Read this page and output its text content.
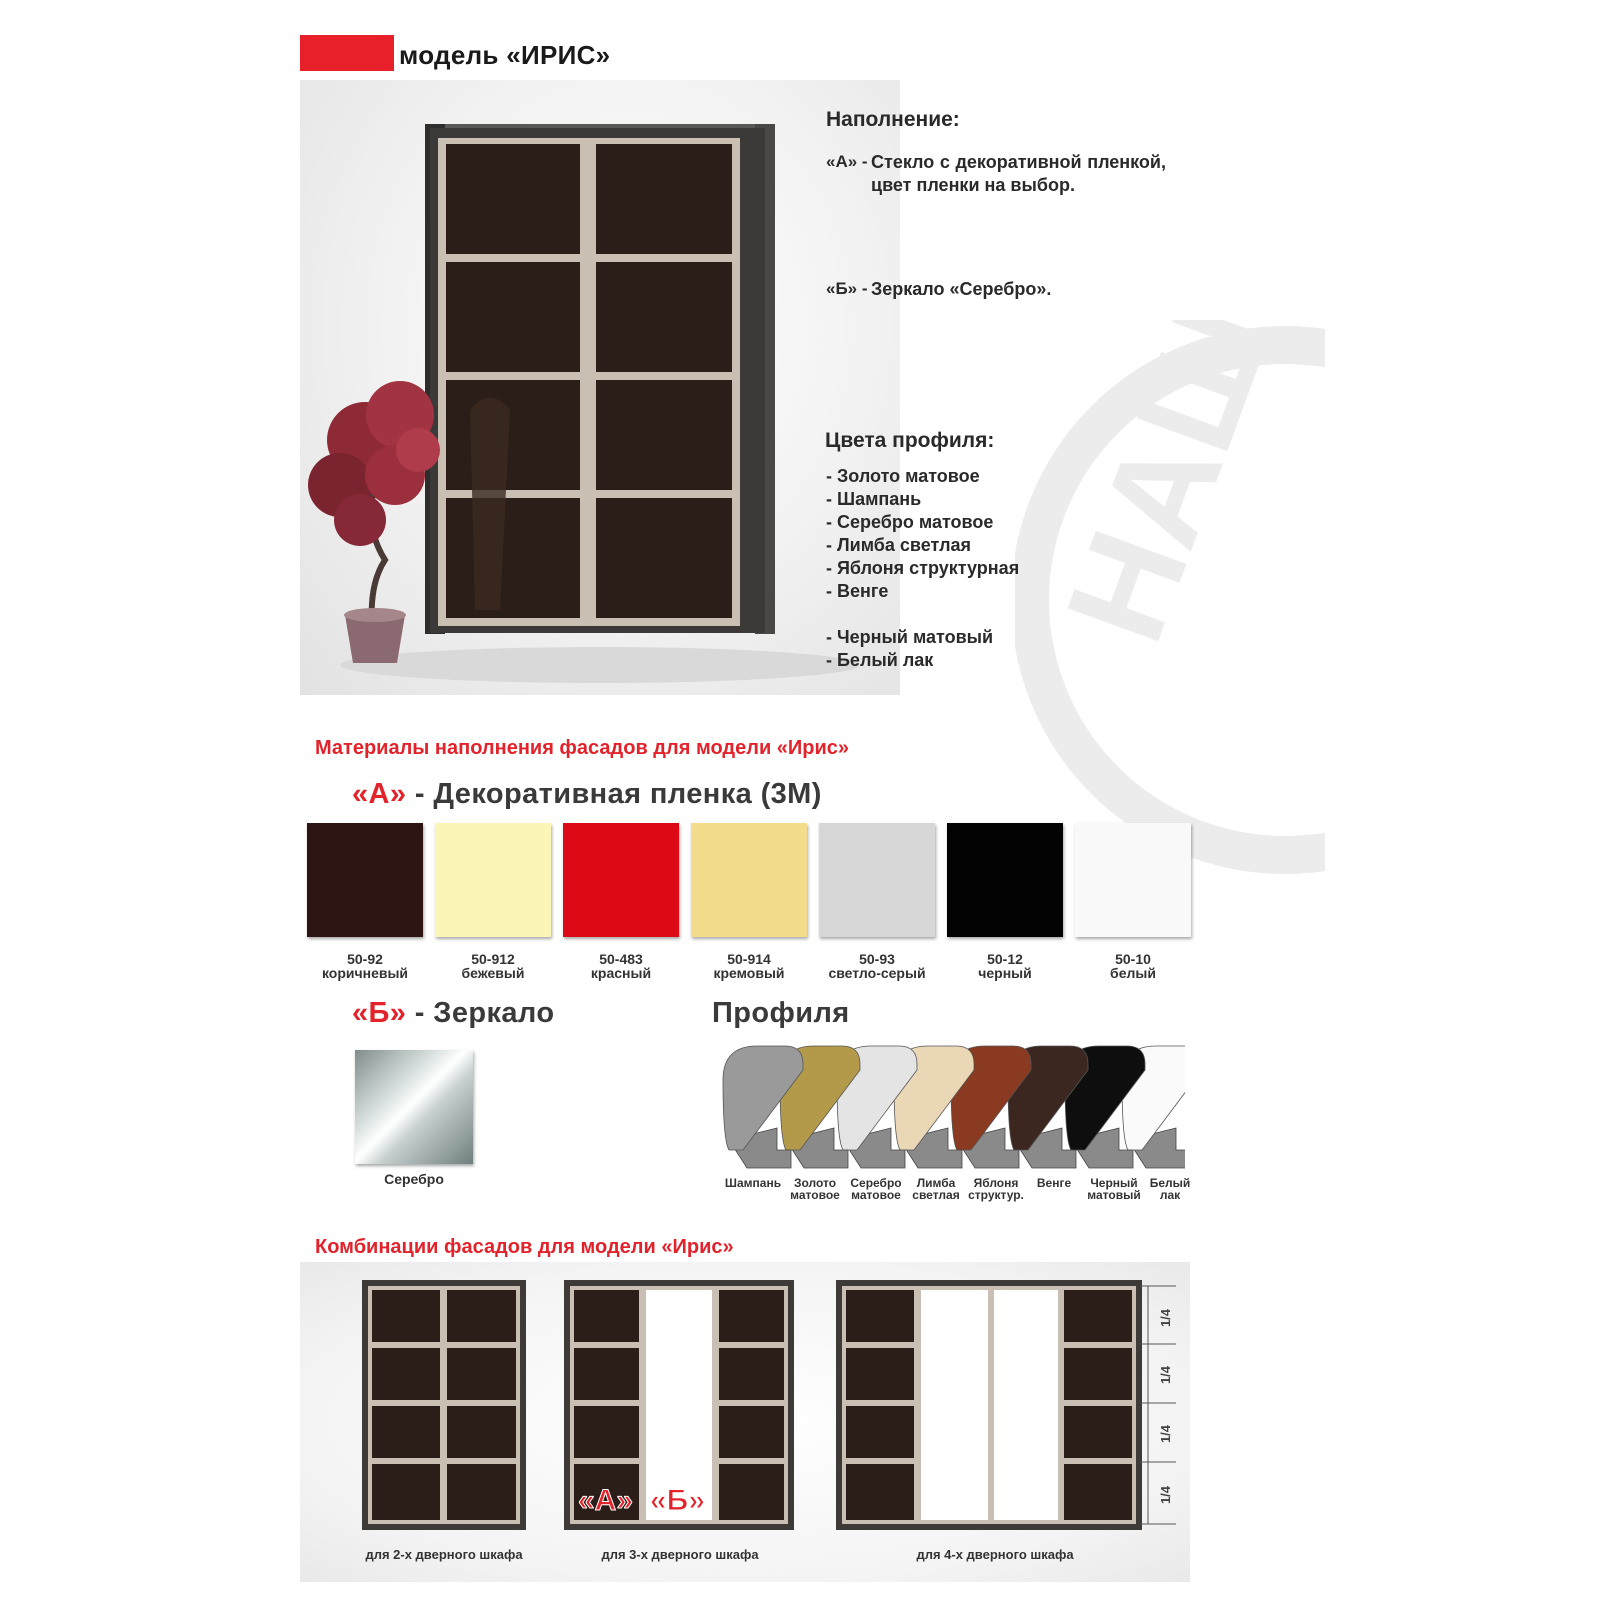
модель «ИРИС»
НАШ
Наполнение:
«А» - Стекло с декоративной пленкой, цвет пленки на выбор.
«Б» - Зеркало «Серебро».
Цвета профиля:
- Золото матовое
- Шампань
- Серебро матовое
- Лимба светлая
- Яблоня структурная
- Венге
- Черный матовый
- Белый лак
Материалы наполнения фасадов для модели «Ирис»
«А» - Декоративная пленка (3М)
50-92
коричневый
50-912
бежевый
50-483
красный
50-914
кремовый
50-93
светло-серый
50-12
черный
50-10
белый
«Б» - Зеркало
Серебро
Профиля
Шампань	Золото
матовое
Серебро
матовое
Лимба
светлая
Яблоня
структур.
Венге	Черный
матовый
Белый
лак
Комбинации фасадов для модели «Ирис»
«А» «Б»
1/4
1/4
1/4
1/4
для 2-х дверного шкафа	для 3-х дверного шкафа	для 4-х дверного шкафа
